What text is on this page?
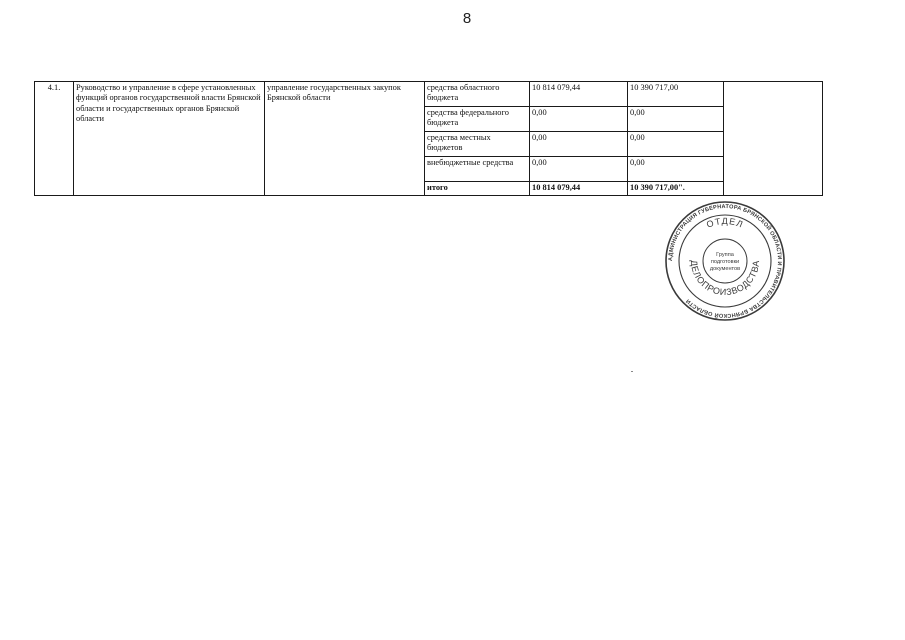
8
4.1.	Руководство и управление в сфере установленных функций органов государственной власти Брянской области и государственных органов Брянской области	управление государственных закупок Брянской области	средства областного бюджета	10 814 079,44	10 390 717,00	
			средства федерального бюджета	0,00	0,00	
			средства местных бюджетов	0,00	0,00	
			внебюджетные средства	0,00	0,00	
			итого	10 814 079,44	10 390 717,00".	
АДМИНИСТРАЦИЯ ГУБЕРНАТОРА БРЯНСКОЙ ОБЛАСТИ И ПРАВИТЕЛЬСТВА БРЯНСКОЙ ОБЛАСТИ
ОТДЕЛ
ДЕЛОПРОИЗВОДСТВА
Группа
подготовки
документов
